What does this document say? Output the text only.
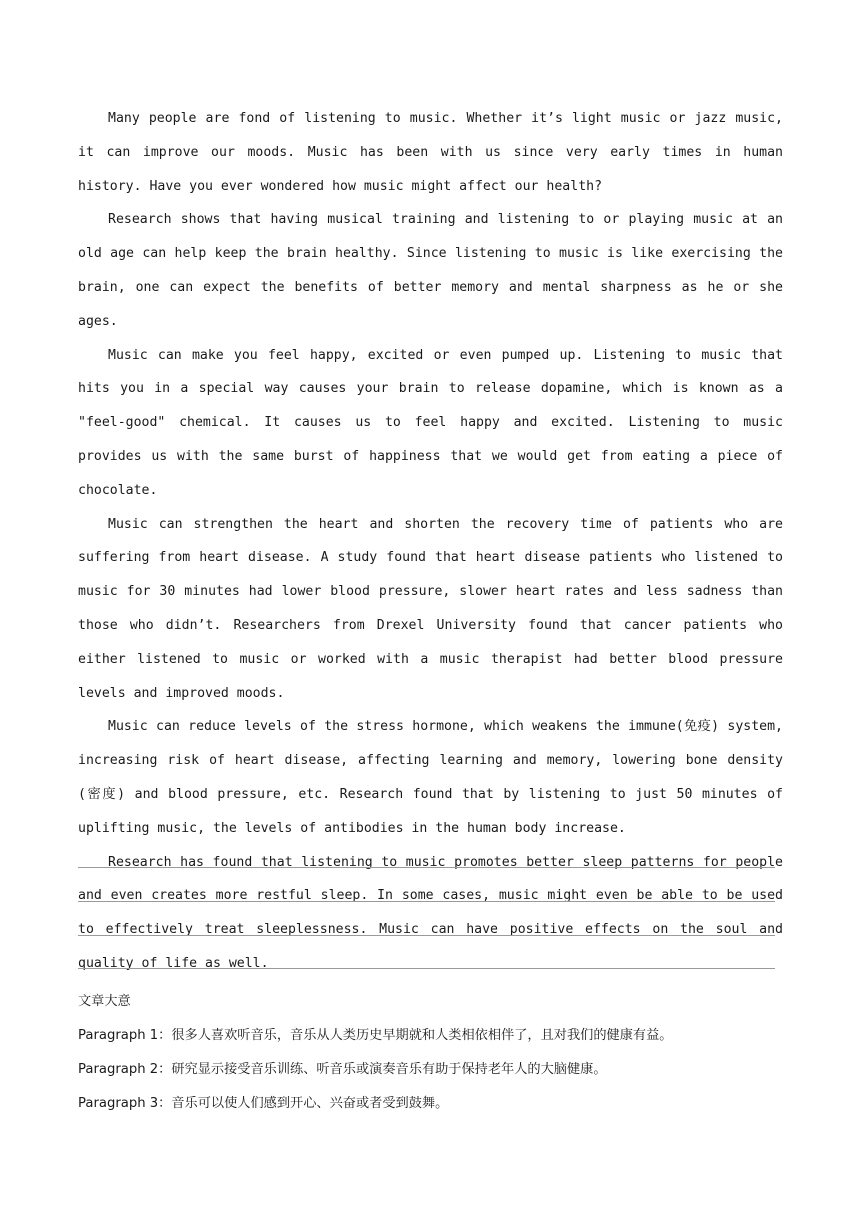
Many people are fond of listening to music. Whether it’s light music or jazz music, it can improve our moods. Music has been with us since very early times in human history. Have you ever wondered how music might affect our health?

Research shows that having musical training and listening to or playing music at an old age can help keep the brain healthy. Since listening to music is like exercising the brain, one can expect the benefits of better memory and mental sharpness as he or she ages.

Music can make you feel happy, excited or even pumped up. Listening to music that hits you in a special way causes your brain to release dopamine, which is known as a "feel-good" chemical. It causes us to feel happy and excited. Listening to music provides us with the same burst of happiness that we would get from eating a piece of chocolate.

Music can strengthen the heart and shorten the recovery time of patients who are suffering from heart disease. A study found that heart disease patients who listened to music for 30 minutes had lower blood pressure, slower heart rates and less sadness than those who didn’t. Researchers from Drexel University found that cancer patients who either listened to music or worked with a music therapist had better blood pressure levels and improved moods.

Music can reduce levels of the stress hormone, which weakens the immune(免疫) system, increasing risk of heart disease, affecting learning and memory, lowering bone density (密度) and blood pressure, etc. Research found that by listening to just 50 minutes of uplifting music, the levels of antibodies in the human body increase.

Research has found that listening to music promotes better sleep patterns for people and even creates more restful sleep. In some cases, music might even be able to be used to effectively treat sleeplessness. Music can have positive effects on the soul and quality of life as well.

文章大意

Paragraph 1：很多人喜欢听音乐，音乐从人类历史早期就和人类相依相伴了，且对我们的健康有益。

Paragraph 2：研究显示接受音乐训练、听音乐或演奏音乐有助于保持老年人的大脑健康。

Paragraph 3：音乐可以使人们感到开心、兴奋或者受到鼓舞。
